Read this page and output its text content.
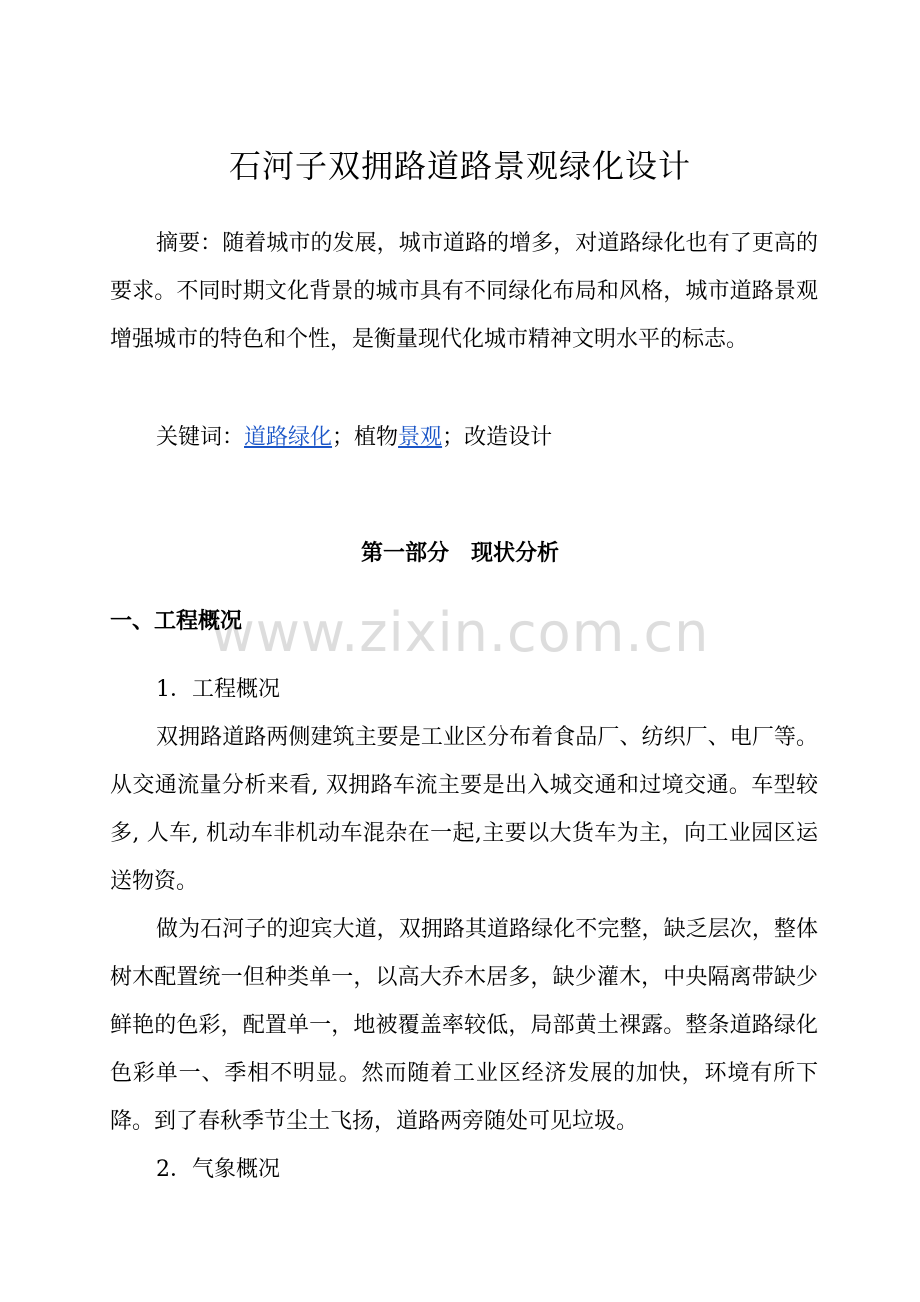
石河子双拥路道路景观绿化设计

摘要：随着城市的发展，城市道路的增多，对道路绿化也有了更高的要求。不同时期文化背景的城市具有不同绿化布局和风格，城市道路景观增强城市的特色和个性，是衡量现代化城市精神文明水平的标志。

关键词：道路绿化；植物景观；改造设计

第一部分　现状分析
www.zixin.com.cn
一、工程概况

1．工程概况

双拥路道路两侧建筑主要是工业区分布着食品厂、纺织厂、电厂等。从交通流量分析来看, 双拥路车流主要是出入城交通和过境交通。车型较多, 人车, 机动车非机动车混杂在一起,主要以大货车为主，向工业园区运送物资。

做为石河子的迎宾大道，双拥路其道路绿化不完整，缺乏层次，整体树木配置统一但种类单一，以高大乔木居多，缺少灌木，中央隔离带缺少鲜艳的色彩，配置单一，地被覆盖率较低，局部黄土裸露。整条道路绿化色彩单一、季相不明显。然而随着工业区经济发展的加快，环境有所下降。到了春秋季节尘土飞扬，道路两旁随处可见垃圾。

2．气象概况
